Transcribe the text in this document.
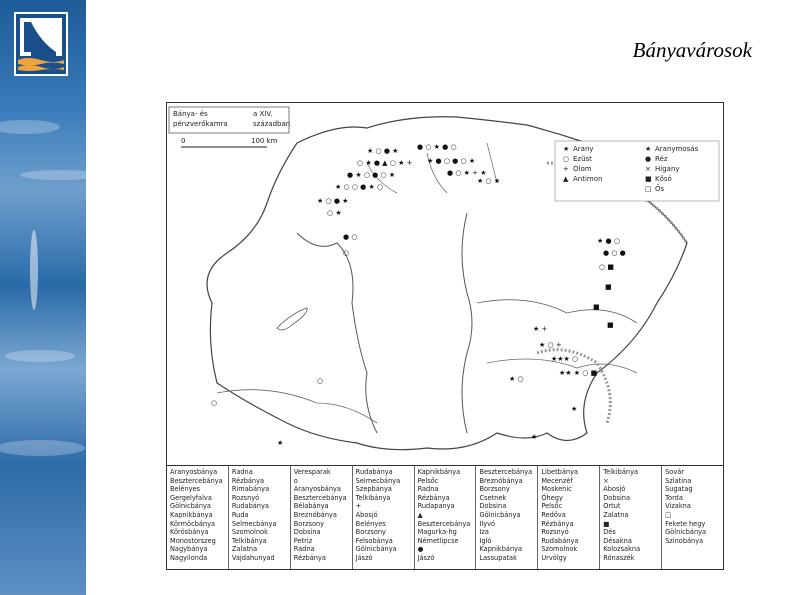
Bányavárosok
Bánya- és
pénzverőkamra
a XIV.
században
0	100 km
★ Arany
○ Ezüst
+ Ólom
▲ Antimon
★ Aranymosás
● Réz
× Higany
■ Kősó
□ Ős
★ ○ ● ★
○ ★ ● ▲ ○ ★ +
● ★ ○ ● ○ ★
★ ○ ○ ● ★ ○
● ○ ★ ● ○
★ ● ○ ● ○ ★
● ○ ★ + ★
★ ○ ★
★ ○ ● ★
○ ★
● ○
○
★ ● ○
● ○ ●
○ ■
■
■
■
★ +
★ ○ +
★★★ ○
★★ ★ ○ ■
★
★ ○
★
○
★
○
Aranyosbánya
Besztercebánya
Belényes
Gergelyfalva
Gölnicbánya
Kapnikbánya
Körmöcbánya
Körösbánya
Monostorszeg
Nagybánya
Nagyilonda
Radna
Rézbánya
Rimabánya
Rozsnyó
Rudabánya
Ruda
Selmecbánya
Szomolnok
Telkibánya
Zalatna
Vajdahunyad
Veresparak
o
Aranyosbánya
Besztercebánya
Bélabánya
Breznóbánya
Borzsony
Dobsina
Petriz
Radna
Rézbánya
Rudabánya
Selmecbánya
Szepbánya
Telkibánya
+
Abosjó
Belényes
Borzsony
Felsobánya
Gölnicbánya
Jászó
Kapnikbánya
Pelsőc
Radna
Rézbánya
Rudapanya
▲
Besztercebánya
Magurka-hg
Németlipcse
●
Jászó
Besztercebánya
Breznóbánya
Borzsony
Csetnek
Dobsina
Gölnicbánya
Ilyvó
Iza
Igló
Kapnikbánya
Lassupatak
Libetbánya
Mecenzéf
Moskenic
Óhegy
Pelsőc
Redőva
Rézbánya
Rozsnyó
Rudabánya
Szomolnok
Urvölgy
Telkibánya
×
Abosjó
Dobsina
Ortut
Zalatna
■
Dés
Désakna
Kolozsakna
Rónaszék
Sovár
Szlatina
Sugatag
Torda
Vizakna
□
Fekete hegy
Gölnicbánya
Szinobánya
